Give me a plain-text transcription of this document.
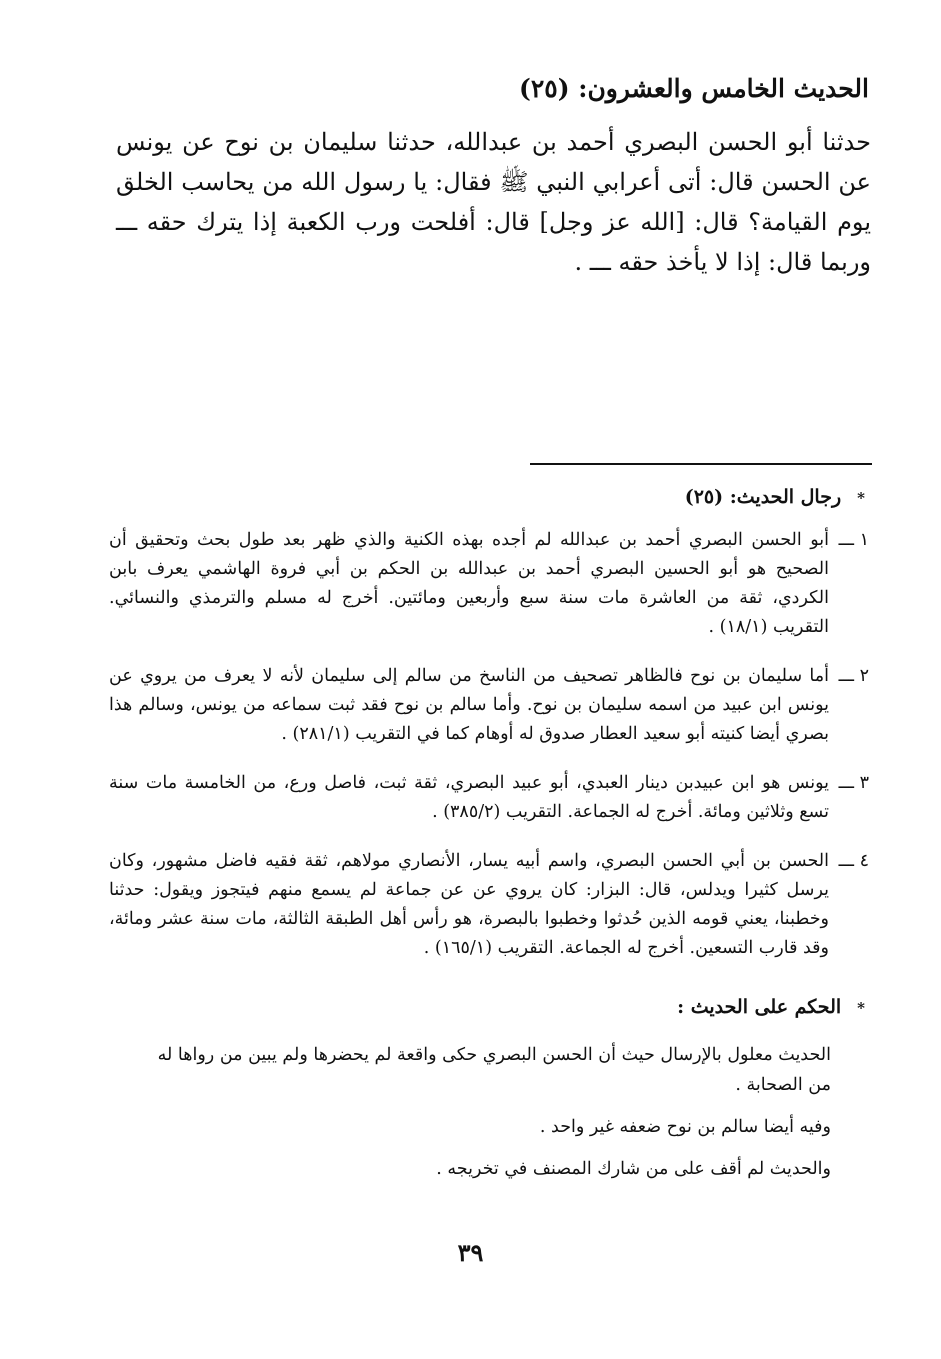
الحديث الخامس والعشرون: (٢٥)
حدثنا أبو الحسن البصري أحمد بن عبدالله، حدثنا سليمان بن نوح عن يونس عن الحسن قال: أتى أعرابي النبي ﷺ فقال: يا رسول الله من يحاسب الخلق يوم القيامة؟ قال: [الله عز وجل] قال: أفلحت ورب الكعبة إذا يترك حقه ـــ وربما قال: إذا لا يأخذ حقه ـــ .
*رجال الحديث: (٢٥)
١ ـــ
أبو الحسن البصري أحمد بن عبدالله لم أجده بهذه الكنية والذي ظهر بعد طول بحث وتحقيق أن الصحيح هو أبو الحسين البصري أحمد بن عبدالله بن الحكم بن أبي فروة الهاشمي يعرف بابن الكردي، ثقة من العاشرة مات سنة سبع وأربعين ومائتين. أخرج له مسلم والترمذي والنسائي. التقريب (١٨/١) .
٢ ـــ
أما سليمان بن نوح فالظاهر تصحيف من الناسخ من سالم إلى سليمان لأنه لا يعرف من يروي عن يونس ابن عبيد من اسمه سليمان بن نوح. وأما سالم بن نوح فقد ثبت سماعه من يونس، وسالم هذا بصري أيضا كنيته أبو سعيد العطار صدوق له أوهام كما في التقريب (٢٨١/١) .
٣ ـــ
يونس هو ابن عبيدبن دينار العبدي، أبو عبيد البصري، ثقة ثبت، فاصل ورع، من الخامسة مات سنة تسع وثلاثين ومائة. أخرج له الجماعة. التقريب (٣٨٥/٢) .
٤ ـــ
الحسن بن أبي الحسن البصري، واسم أبيه يسار، الأنصاري مولاهم، ثقة فقيه فاضل مشهور، وكان يرسل كثيرا ويدلس، قال: البزار: كان يروي عن عن جماعة لم يسمع منهم فيتجوز ويقول: حدثنا وخطبنا، يعني قومه الذين حُدثوا وخطبوا بالبصرة، هو رأس أهل الطبقة الثالثة، مات سنة عشر ومائة، وقد قارب التسعين. أخرج له الجماعة. التقريب (١٦٥/١) .
*الحكم على الحديث :

الحديث معلول بالإرسال حيث أن الحسن البصري حكى واقعة لم يحضرها ولم يبين من رواها له من الصحابة .

وفيه أيضا سالم بن نوح ضعفه غير واحد .

والحديث لم أقف على من شارك المصنف في تخريجه .

٣٩
